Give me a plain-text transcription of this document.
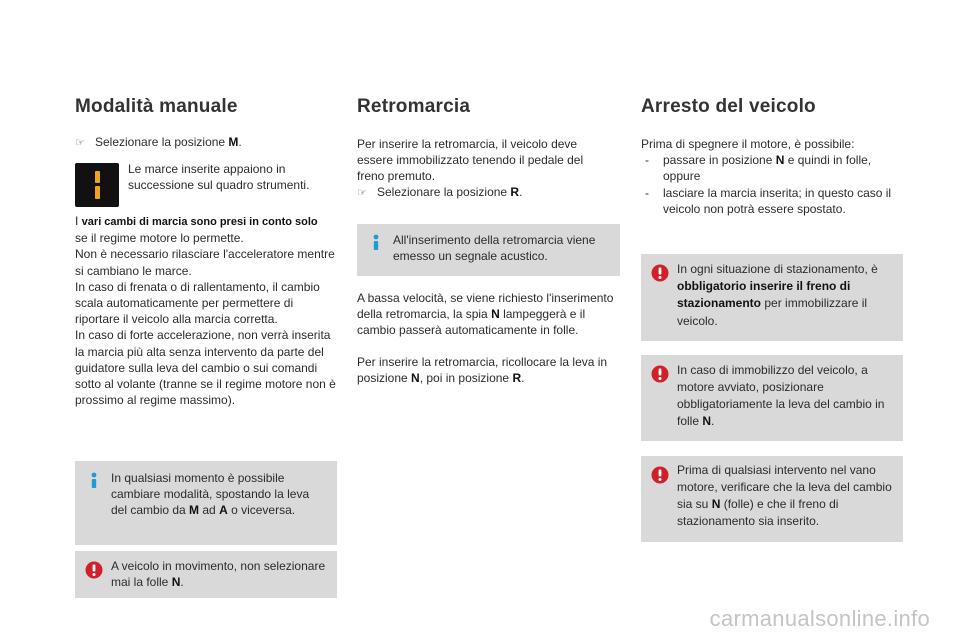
Modalità manuale
☞ Selezionare la posizione M.
Le marce inserite appaiono in successione sul quadro strumenti.

I vari cambi di marcia sono presi in conto solo

se il regime motore lo permette.

Non è necessario rilasciare l'acceleratore mentre si cambiano le marce.

In caso di frenata o di rallentamento, il cambio scala automaticamente per permettere di riportare il veicolo alla marcia corretta.

In caso di forte accelerazione, non verrà inserita la marcia più alta senza intervento da parte del guidatore sulla leva del cambio o sui comandi sotto al volante (tranne se il regime motore non è prossimo al regime massimo).

In qualsiasi momento è possibile cambiare modalità, spostando la leva del cambio da M ad A o viceversa.
A veicolo in movimento, non selezionare mai la folle N.
Retromarcia
Per inserire la retromarcia, il veicolo deve essere immobilizzato tenendo il pedale del freno premuto.
☞ Selezionare la posizione R.
All'inserimento della retromarcia viene emesso un segnale acustico.
A bassa velocità, se viene richiesto l'inserimento della retromarcia, la spia N lampeggerà e il cambio passerà automaticamente in folle.
Per inserire la retromarcia, ricollocare la leva in posizione N, poi in posizione R.
Arresto del veicolo

Prima di spegnere il motore, è possibile:

- passare in posizione N e quindi in folle, oppure
- lasciare la marcia inserita; in questo caso il veicolo non potrà essere spostato.
In ogni situazione di stazionamento, è obbligatorio inserire il freno di stazionamento per immobilizzare il veicolo.
In caso di immobilizzo del veicolo, a motore avviato, posizionare obbligatoriamente la leva del cambio in folle N.
Prima di qualsiasi intervento nel vano motore, verificare che la leva del cambio sia su N (folle) e che il freno di stazionamento sia inserito.
carmanualsonline.info
